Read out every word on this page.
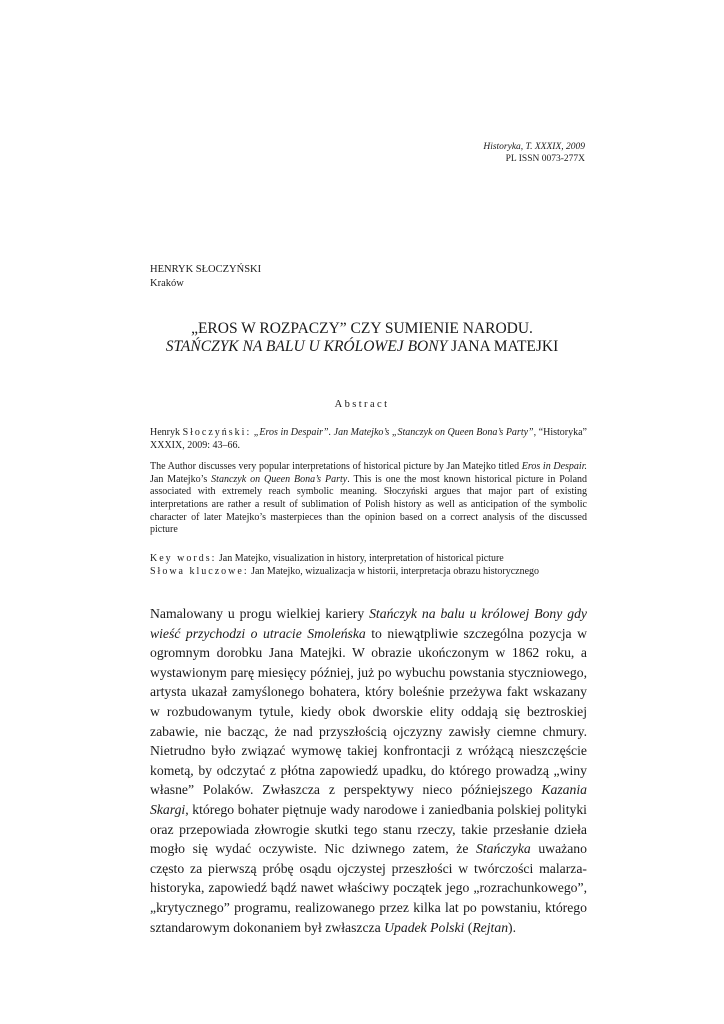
Historyka, T. XXXIX, 2009
PL ISSN 0073-277X
HENRYK SŁOCZYŃSKI
Kraków
„EROS W ROZPACZY” CZY SUMIENIE NARODU.
STAŃCZYK NA BALU U KRÓLOWEJ BONY JANA MATEJKI
Abstract

Henryk Słoczyński: „Eros in Despair”. Jan Matejko’s „Stanczyk on Queen Bona’s Party”, “Historyka” XXXIX, 2009: 43–66.

The Author discusses very popular interpretations of historical picture by Jan Matejko titled Eros in Despair. Jan Matejko’s Stanczyk on Queen Bona’s Party. This is one the most known historical picture in Poland associated with extremely reach symbolic meaning. Słoczyński argues that major part of existing interpretations are rather a result of sublimation of Polish history as well as anticipation of the symbolic character of later Matejko’s masterpieces than the opinion based on a correct analysis of the discussed picture

Key words: Jan Matejko, visualization in history, interpretation of historical picture
Słowa kluczowe: Jan Matejko, wizualizacja w historii, interpretacja obrazu historycznego

Namalowany u progu wielkiej kariery Stańczyk na balu u królowej Bony gdy wieść przychodzi o utracie Smoleńska to niewątpliwie szczególna pozycja w ogromnym dorobku Jana Matejki. W obrazie ukończonym w 1862 roku, a wystawionym parę miesięcy później, już po wybuchu powstania styczniowego, artysta ukazał zamyślonego bohatera, który boleśnie przeżywa fakt wskazany w rozbudowanym tytule, kiedy obok dworskie elity oddają się beztroskiej zabawie, nie bacząc, że nad przyszłością ojczyzny zawisły ciemne chmury. Nietrudno było związać wymowę takiej konfrontacji z wróżącą nieszczęście kometą, by odczytać z płótna zapowiedź upadku, do którego prowadzą „winy własne” Polaków. Zwłaszcza z perspektywy nieco późniejszego Kazania Skargi, którego bohater piętnuje wady narodowe i zaniedbania polskiej polityki oraz przepowiada złowrogie skutki tego stanu rzeczy, takie przesłanie dzieła mogło się wydać oczywiste. Nic dziwnego zatem, że Stańczyka uważano często za pierwszą próbę osądu ojczystej przeszłości w twórczości malarza-historyka, zapowiedź bądź nawet właściwy początek jego „rozrachunkowego”, „krytycznego” programu, realizowanego przez kilka lat po powstaniu, którego sztandarowym dokonaniem był zwłaszcza Upadek Polski (Rejtan).
